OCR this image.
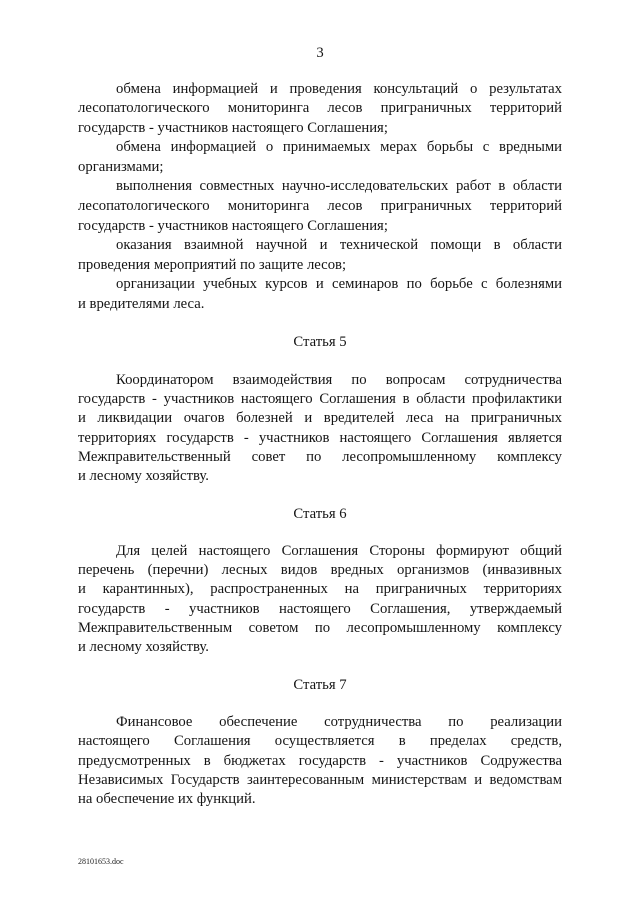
3
обмена информацией и проведения консультаций о результатах
лесопатологического мониторинга лесов приграничных территорий
государств - участников настоящего Соглашения;
обмена информацией о принимаемых мерах борьбы с вредными
организмами;
выполнения совместных научно-исследовательских работ в области
лесопатологического мониторинга лесов приграничных территорий
государств - участников настоящего Соглашения;
оказания взаимной научной и технической помощи в области
проведения мероприятий по защите лесов;
организации учебных курсов и семинаров по борьбе с болезнями
и вредителями леса.
Статья 5
Координатором взаимодействия по вопросам сотрудничества
государств - участников настоящего Соглашения в области профилактики
и ликвидации очагов болезней и вредителей леса на приграничных
территориях государств - участников настоящего Соглашения является
Межправительственный совет по лесопромышленному комплексу
и лесному хозяйству.
Статья 6
Для целей настоящего Соглашения Стороны формируют общий
перечень (перечни) лесных видов вредных организмов (инвазивных
и карантинных), распространенных на приграничных территориях
государств - участников настоящего Соглашения, утверждаемый
Межправительственным советом по лесопромышленному комплексу
и лесному хозяйству.
Статья 7
Финансовое обеспечение сотрудничества по реализации
настоящего Соглашения осуществляется в пределах средств,
предусмотренных в бюджетах государств - участников Содружества
Независимых Государств заинтересованным министерствам и ведомствам
на обеспечение их функций.
28101653.doc
